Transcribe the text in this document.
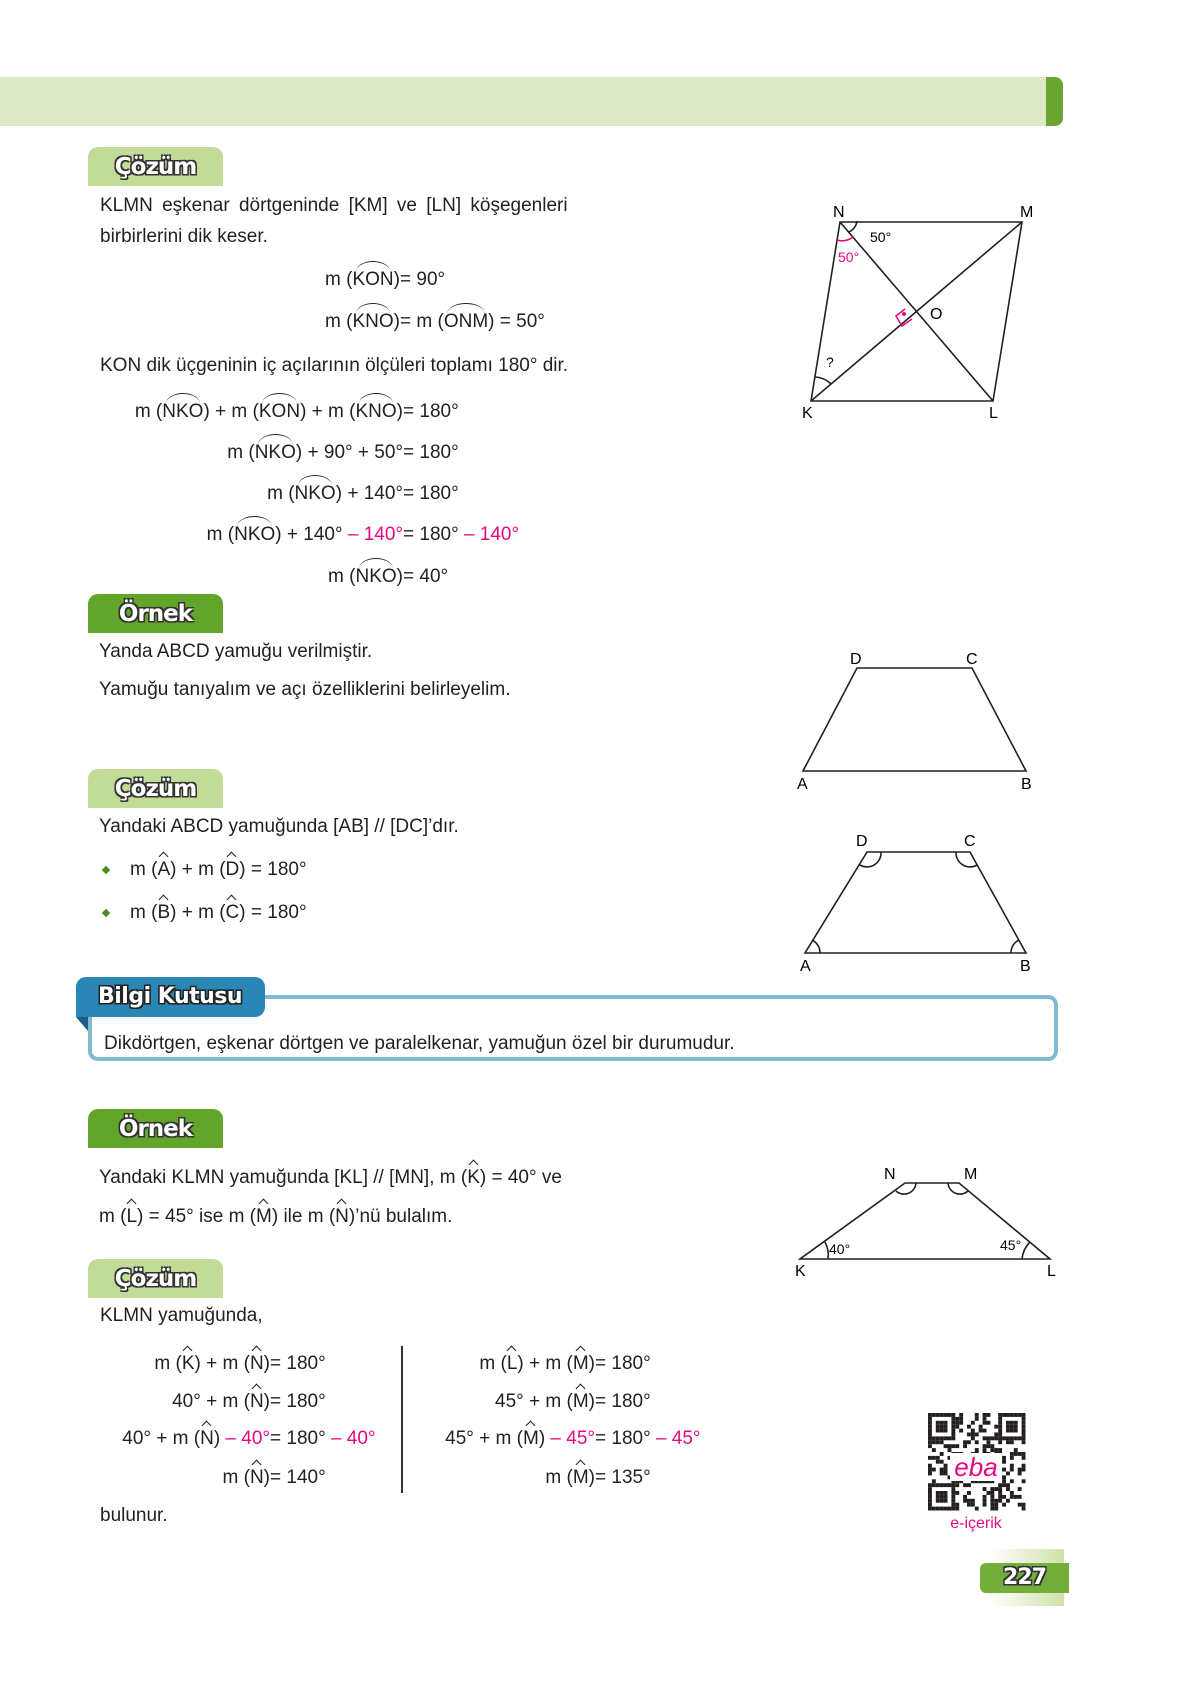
Çözüm
KLMN eşkenar dörtgeninde [KM] ve [LN] köşegenleri
birbirlerini dik keser.
m (KON) = 90°
m (KNO) = m (ONM) = 50°
KON dik üçgeninin iç açılarının ölçüleri toplamı 180° dir.
m (NKO) + m (KON) + m (KNO) = 180°
m (NKO) + 90° + 50° = 180°
m (NKO) + 140° = 180°
m (NKO) + 140° – 140° = 180° – 140°
m (NKO) = 40°
N	M
K	L
O
50°
50°
?
D	C
A	B
D	C
A	B
N	M
K	L
40°	45°
eba
Örnek
Yanda ABCD yamuğu verilmiştir.
Yamuğu tanıyalım ve açı özelliklerini belirleyelim.
Çözüm
Yandaki ABCD yamuğunda [AB] // [DC]’dır.
m (A) + m (D) = 180°
m (B) + m (C) = 180°
Bilgi Kutusu
Dikdörtgen, eşkenar dörtgen ve paralelkenar, yamuğun özel bir durumudur.
Örnek
Yandaki KLMN yamuğunda [KL] // [MN], m (K) = 40° ve
m (L) = 45° ise m (M) ile m (N)’nü bulalım.
Çözüm
KLMN yamuğunda,
m (K) + m (N) = 180°
40° + m (N) = 180°
40° + m (N) – 40° = 180° – 40°
m (N) = 140°
m (L) + m (M) = 180°
45° + m (M) = 180°
45° + m (M) – 45° = 180° – 45°
m (M) = 135°
bulunur.	e-içerik
227
